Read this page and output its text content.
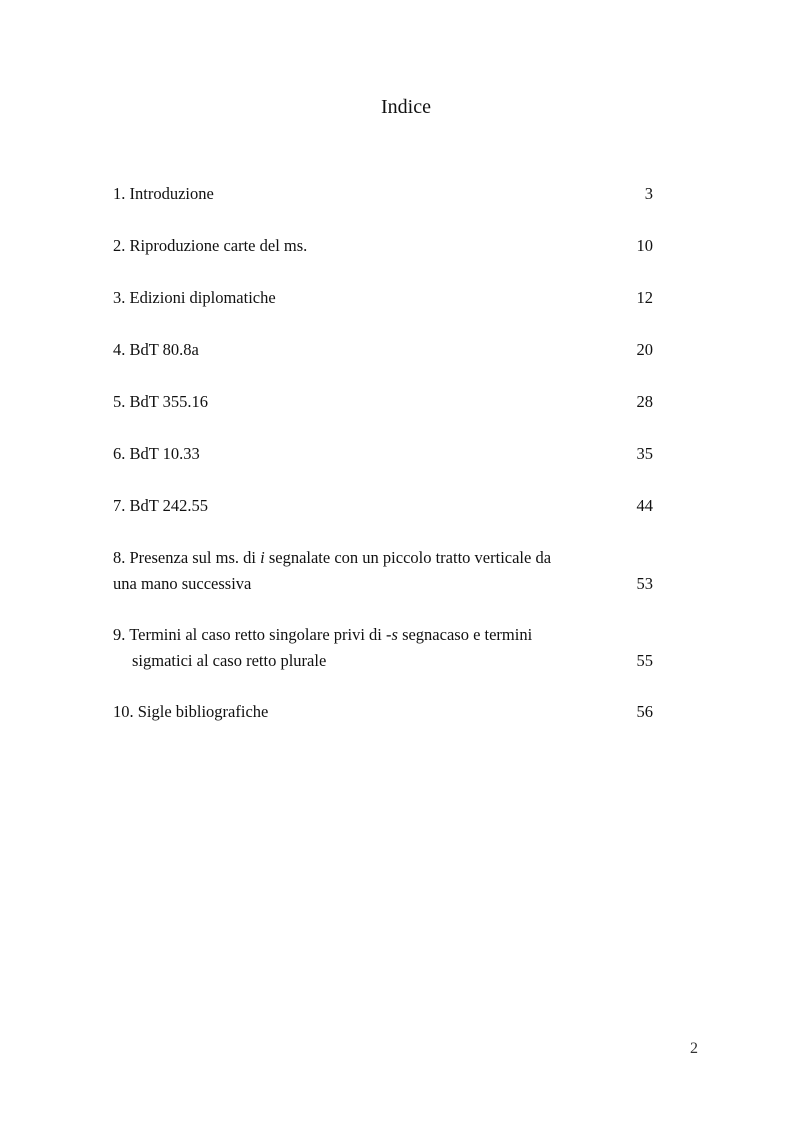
Indice
1. Introduzione	3
2. Riproduzione carte del ms.	10
3. Edizioni diplomatiche	12
4. BdT 80.8a	20
5. BdT 355.16	28
6. BdT 10.33	35
7. BdT 242.55	44
8. Presenza sul ms. di i segnalate con un piccolo tratto verticale da
una mano successiva	53
9. Termini al caso retto singolare privi di -s segnacaso e termini
sigmatici al caso retto plurale	55
10. Sigle bibliografiche	56
2
